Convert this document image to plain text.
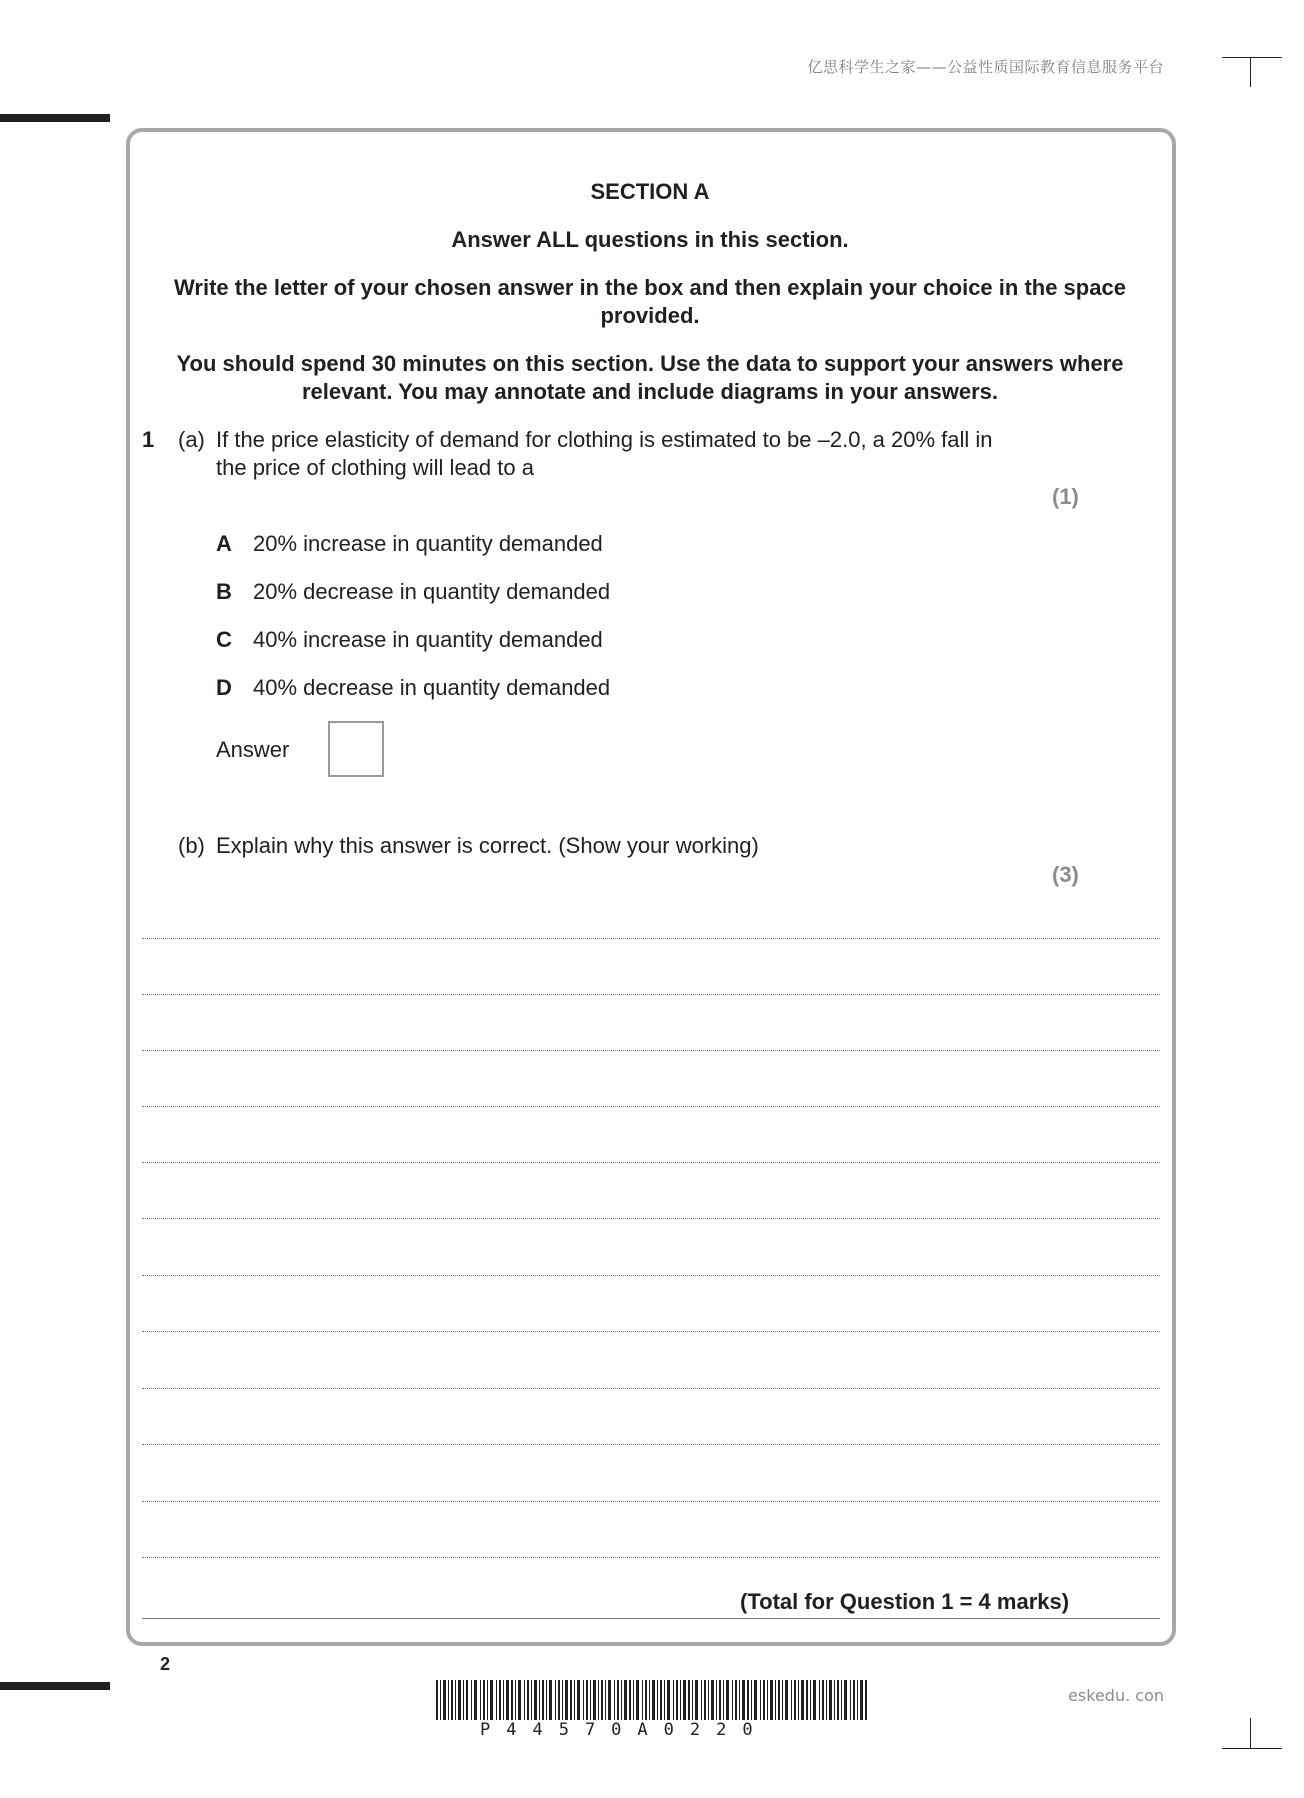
亿思科学生之家——公益性质国际教育信息服务平台
SECTION A
Answer ALL questions in this section.
Write the letter of your chosen answer in the box and then explain your choice in the space
provided.
You should spend 30 minutes on this section. Use the data to support your answers where
relevant. You may annotate and include diagrams in your answers.
1 (a) If the price elasticity of demand for clothing is estimated to be –2.0, a 20% fall in
the price of clothing will lead to a
(1)
A 20% increase in quantity demanded
B 20% decrease in quantity demanded
C 40% increase in quantity demanded
D 40% decrease in quantity demanded
Answer
(b) Explain why this answer is correct. (Show your working)
(3)
(Total for Question 1 = 4 marks)
2
P44570A0220
eskedu. con
